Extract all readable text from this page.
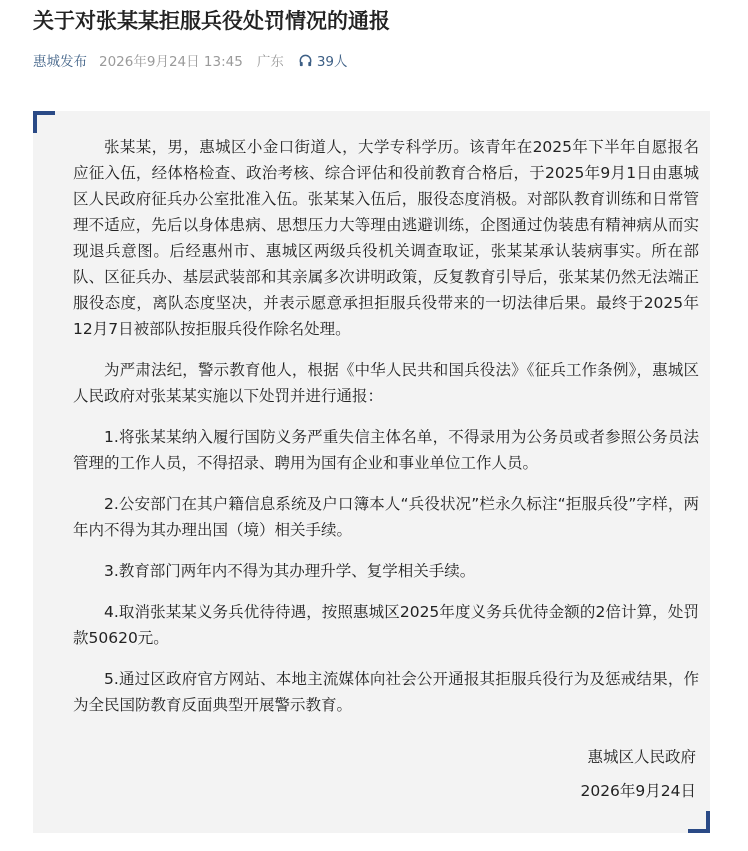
关于对张某某拒服兵役处罚情况的通报
惠城发布 2026年9月24日 13:45 广东 39人

张某某，男，惠城区小金口街道人，大学专科学历。该青年在2025年下半年自愿报名应征入伍，经体格检查、政治考核、综合评估和役前教育合格后，于2025年9月1日由惠城区人民政府征兵办公室批准入伍。张某某入伍后，服役态度消极。对部队教育训练和日常管理不适应，先后以身体患病、思想压力大等理由逃避训练，企图通过伪装患有精神病从而实现退兵意图。后经惠州市、惠城区两级兵役机关调查取证，张某某承认装病事实。所在部队、区征兵办、基层武装部和其亲属多次讲明政策，反复教育引导后，张某某仍然无法端正服役态度，离队态度坚决，并表示愿意承担拒服兵役带来的一切法律后果。最终于2025年12月7日被部队按拒服兵役作除名处理。

为严肃法纪，警示教育他人，根据《中华人民共和国兵役法》《征兵工作条例》，惠城区人民政府对张某某实施以下处罚并进行通报：

1.将张某某纳入履行国防义务严重失信主体名单，不得录用为公务员或者参照公务员法管理的工作人员，不得招录、聘用为国有企业和事业单位工作人员。

2.公安部门在其户籍信息系统及户口簿本人“兵役状况”栏永久标注“拒服兵役”字样，两年内不得为其办理出国（境）相关手续。

3.教育部门两年内不得为其办理升学、复学相关手续。

4.取消张某某义务兵优待待遇，按照惠城区2025年度义务兵优待金额的2倍计算，处罚款50620元。

5.通过区政府官方网站、本地主流媒体向社会公开通报其拒服兵役行为及惩戒结果，作为全民国防教育反面典型开展警示教育。

惠城区人民政府
2026年9月24日
